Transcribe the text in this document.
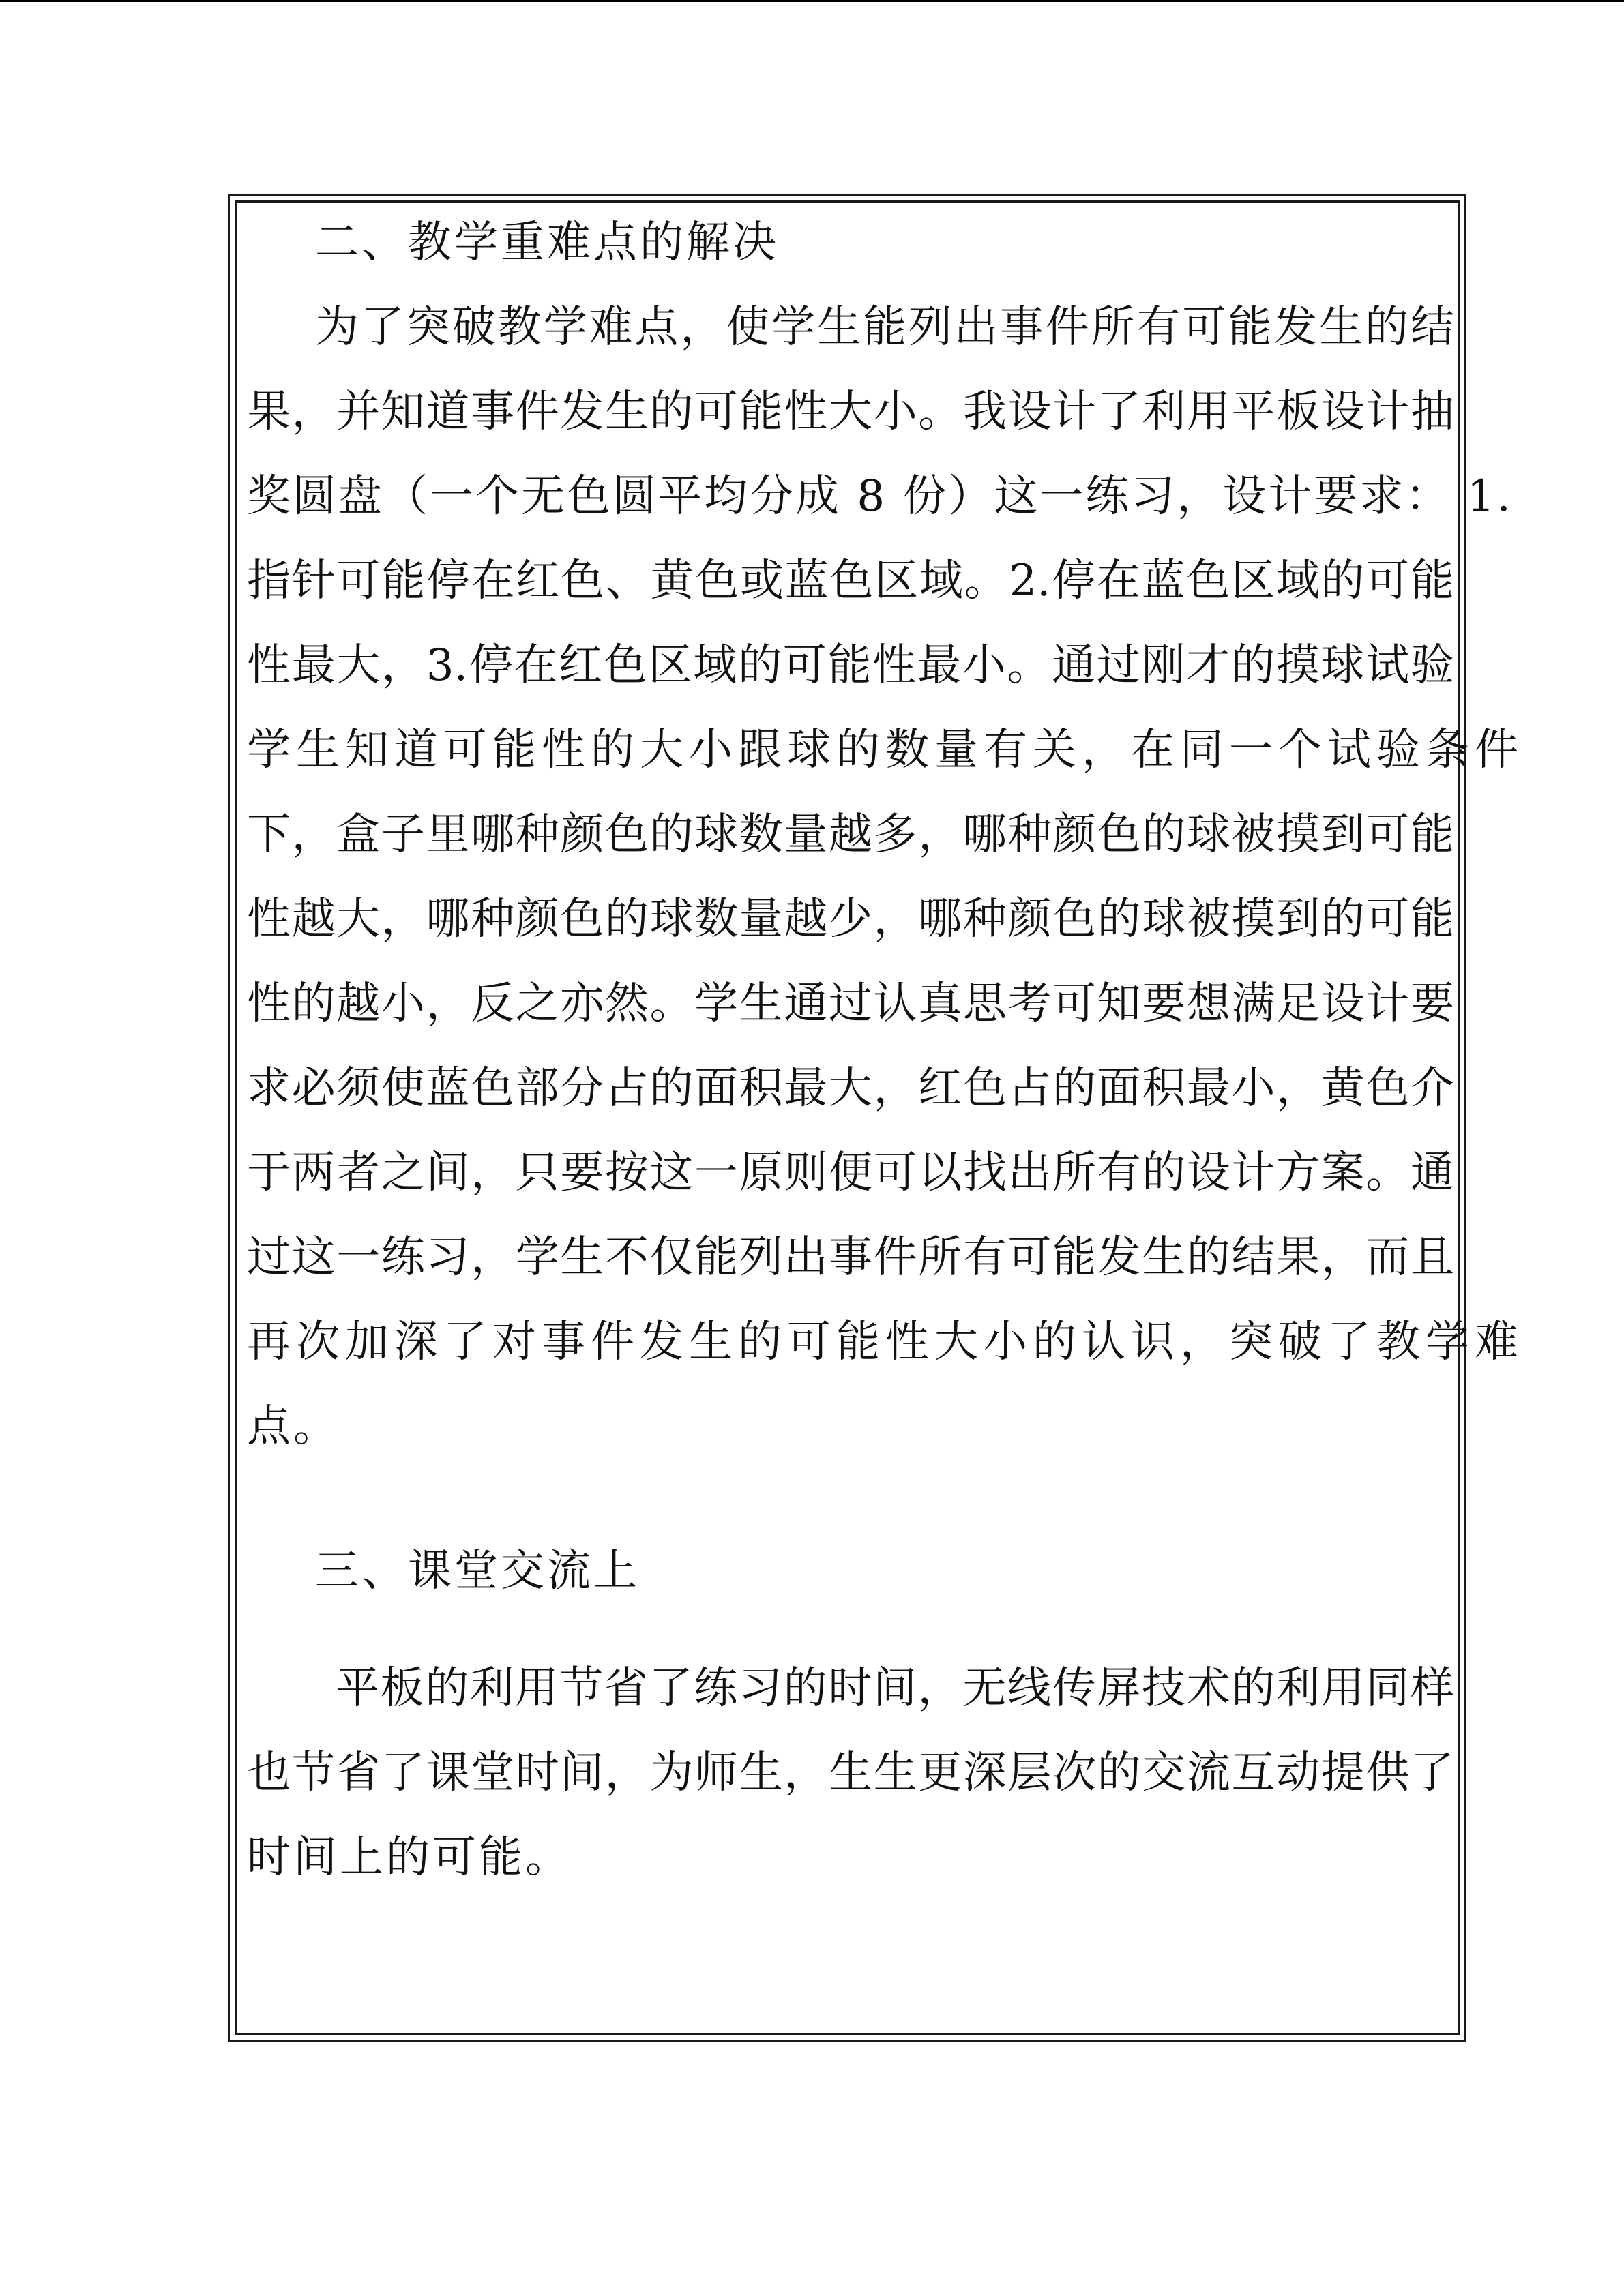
二、教学重难点的解决
为了突破教学难点，使学生能列出事件所有可能发生的结
果，并知道事件发生的可能性大小。我设计了利用平板设计抽
奖圆盘（一个无色圆平均分成 8 份）这一练习，设计要求： 1.
指针可能停在红色、黄色或蓝色区域。2.停在蓝色区域的可能
性最大，3.停在红色区域的可能性最小。通过刚才的摸球试验
学生知道可能性的大小跟球的数量有关，在同一个试验条件
下，盒子里哪种颜色的球数量越多，哪种颜色的球被摸到可能
性越大，哪种颜色的球数量越少，哪种颜色的球被摸到的可能
性的越小，反之亦然。学生通过认真思考可知要想满足设计要
求必须使蓝色部分占的面积最大，红色占的面积最小，黄色介
于两者之间，只要按这一原则便可以找出所有的设计方案。通
过这一练习，学生不仅能列出事件所有可能发生的结果，而且
再次加深了对事件发生的可能性大小的认识，突破了教学难
点。
三、课堂交流上
平板的利用节省了练习的时间，无线传屏技术的利用同样
也节省了课堂时间，为师生，生生更深层次的交流互动提供了
时间上的可能。
